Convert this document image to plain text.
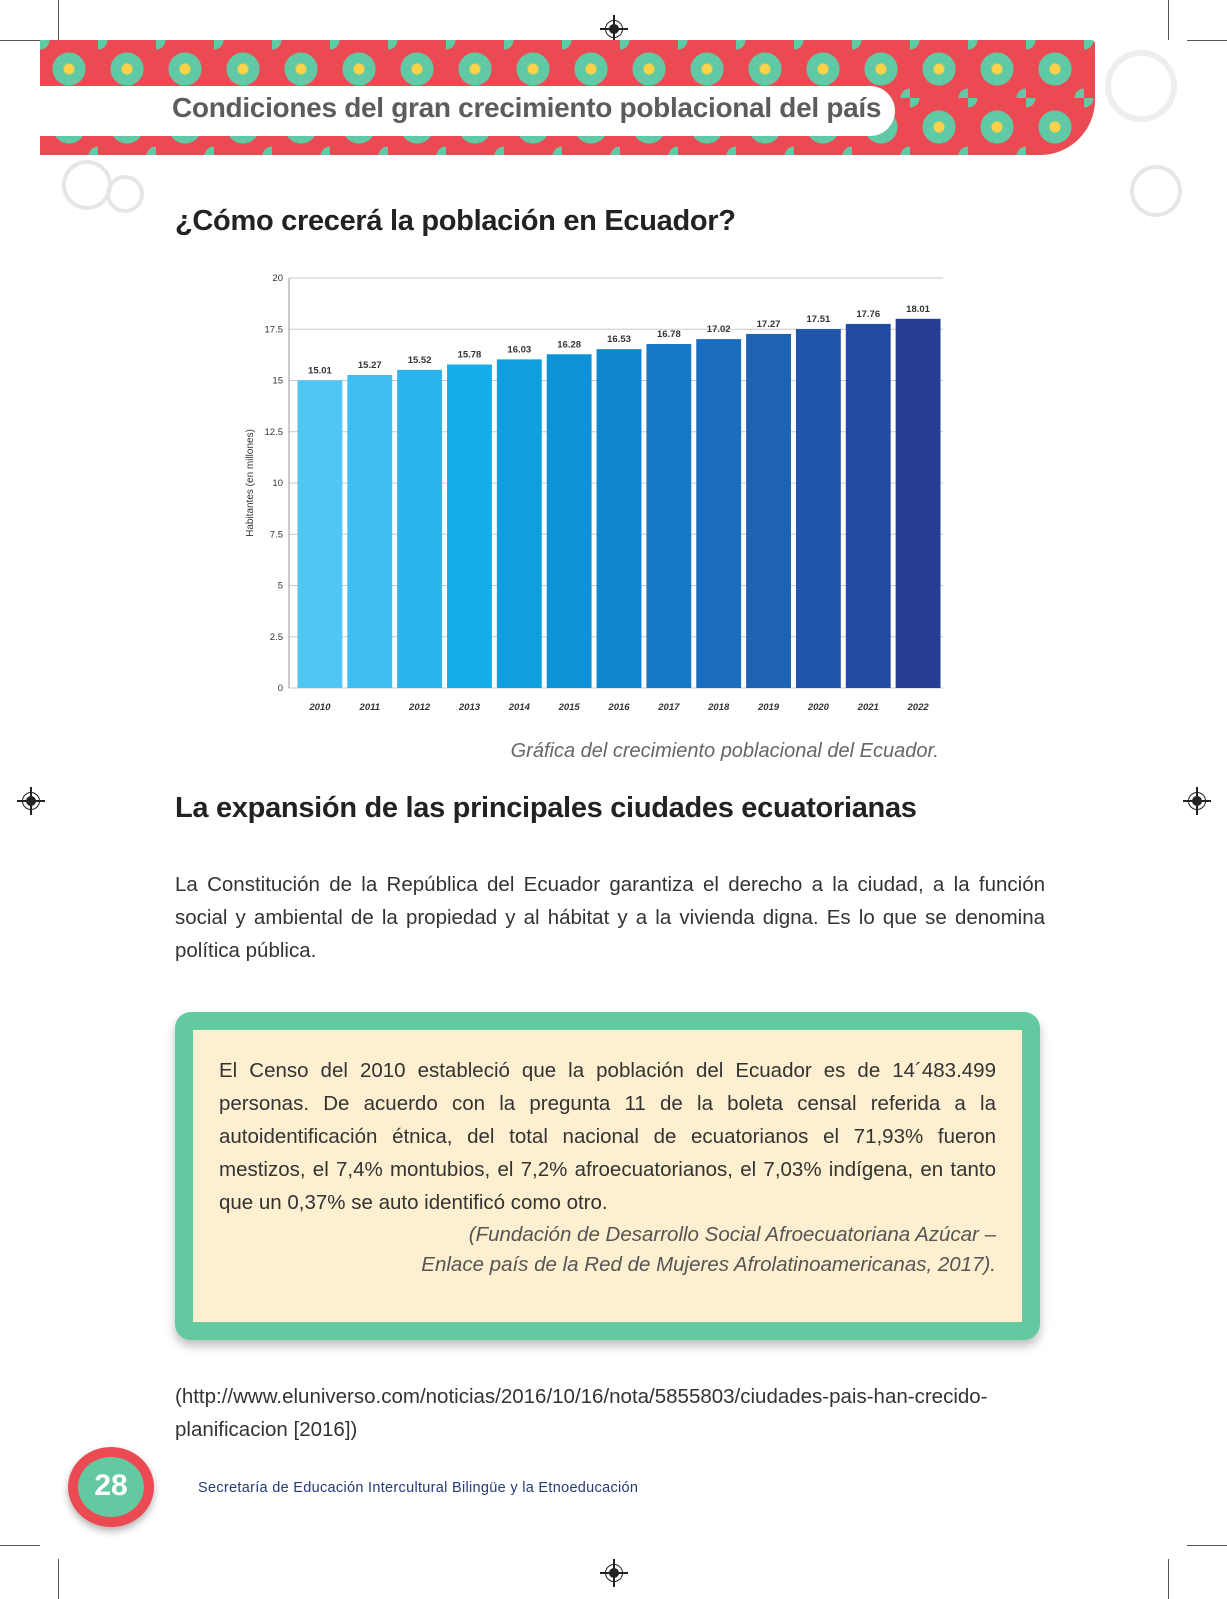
Condiciones del gran crecimiento poblacional del país
¿Cómo crecerá la población en Ecuador?
0
2.5
5
7.5
10
12.5
15
17.5
20
Habitantes (en millones)
15.01
2010
15.27
2011
15.52
2012
15.78
2013
16.03
2014
16.28
2015
16.53
2016
16.78
2017
17.02
2018
17.27
2019
17.51
2020
17.76
2021
18.01
2022
Gráfica del crecimiento poblacional del Ecuador.
La expansión de las principales ciudades ecuatorianas

La Constitución de la República del Ecuador garantiza el derecho a la ciudad, a la función social y ambiental de la propiedad y al hábitat y a la vivienda digna. Es lo que se denomina política pública.

El Censo del 2010 estableció que la población del Ecuador es de 14´483.499 personas. De acuerdo con la pregunta 11 de la boleta censal referida a la autoidentificación étnica, del total nacional de ecuatorianos el 71,93% fueron mestizos, el 7,4% montubios, el 7,2% afroecuatorianos, el 7,03% indígena, en tanto que un 0,37% se auto identificó como otro.

(Fundación de Desarrollo Social Afroecuatoriana Azúcar –
Enlace país de la Red de Mujeres Afrolatinoamericanas, 2017).

(http://www.eluniverso.com/noticias/2016/10/16/nota/5855803/ciudades-pais-han-crecido-planificacion [2016])

28	Secretaría de Educación Intercultural Bilingüe y la Etnoeducación
